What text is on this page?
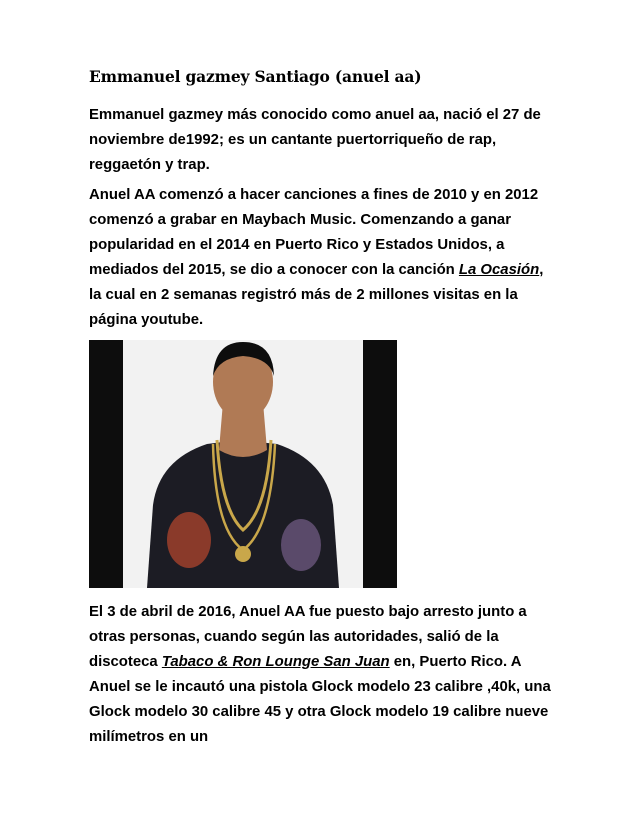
Emmanuel gazmey Santiago (anuel aa)

Emmanuel gazmey más conocido como anuel aa, nació el 27 de noviembre de1992; es un cantante puertorriqueño de rap, reggaetón y trap.

Anuel AA comenzó a hacer canciones a fines de 2010 y en 2012 comenzó a grabar en Maybach Music. Comenzando a ganar popularidad en el 2014 en Puerto Rico y Estados Unidos, a mediados del 2015, se dio a conocer con la canción La Ocasión, la cual en 2 semanas registró más de 2 millones visitas en la página youtube.

El 3 de abril de 2016, Anuel AA fue puesto bajo arresto junto a otras personas, cuando según las autoridades, salió de la discoteca Tabaco & Ron Lounge San Juan en, Puerto Rico. A Anuel se le incautó una pistola Glock modelo 23 calibre ,40k, una Glock modelo 30 calibre 45 y otra Glock modelo 19 calibre nueve milímetros en un
